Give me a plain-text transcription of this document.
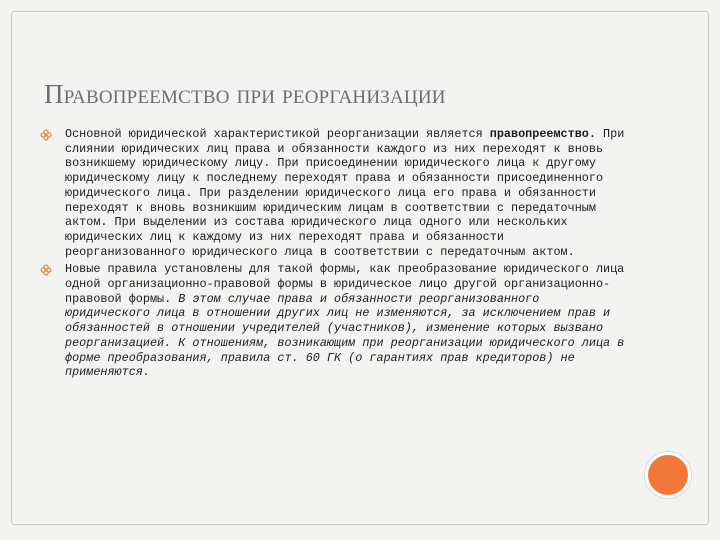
Правопреемство при реорганизации
Основной юридической характеристикой реорганизации является правопреемство. При слиянии юридических лиц права и обязанности каждого из них переходят к вновь возникшему юридическому лицу. При присоединении юридического лица к другому юридическому лицу к последнему переходят права и обязанности присоединенного юридического лица. При разделении юридического лица его права и обязанности переходят к вновь возникшим юридическим лицам в соответствии с передаточным актом. При выделении из состава юридического лица одного или нескольких юридических лиц к каждому из них переходят права и обязанности реорганизованного юридического лица в соответствии с передаточным актом.
Новые правила установлены для такой формы, как преобразование юридического лица одной организационно-правовой формы в юридическое лицо другой организационно-правовой формы. В этом случае права и обязанности реорганизованного юридического лица в отношении других лиц не изменяются, за исключением прав и обязанностей в отношении учредителей (участников), изменение которых вызвано реорганизацией. К отношениям, возникающим при реорганизации юридического лица в форме преобразования, правила ст. 60 ГК (о гарантиях прав кредиторов) не применяются.
